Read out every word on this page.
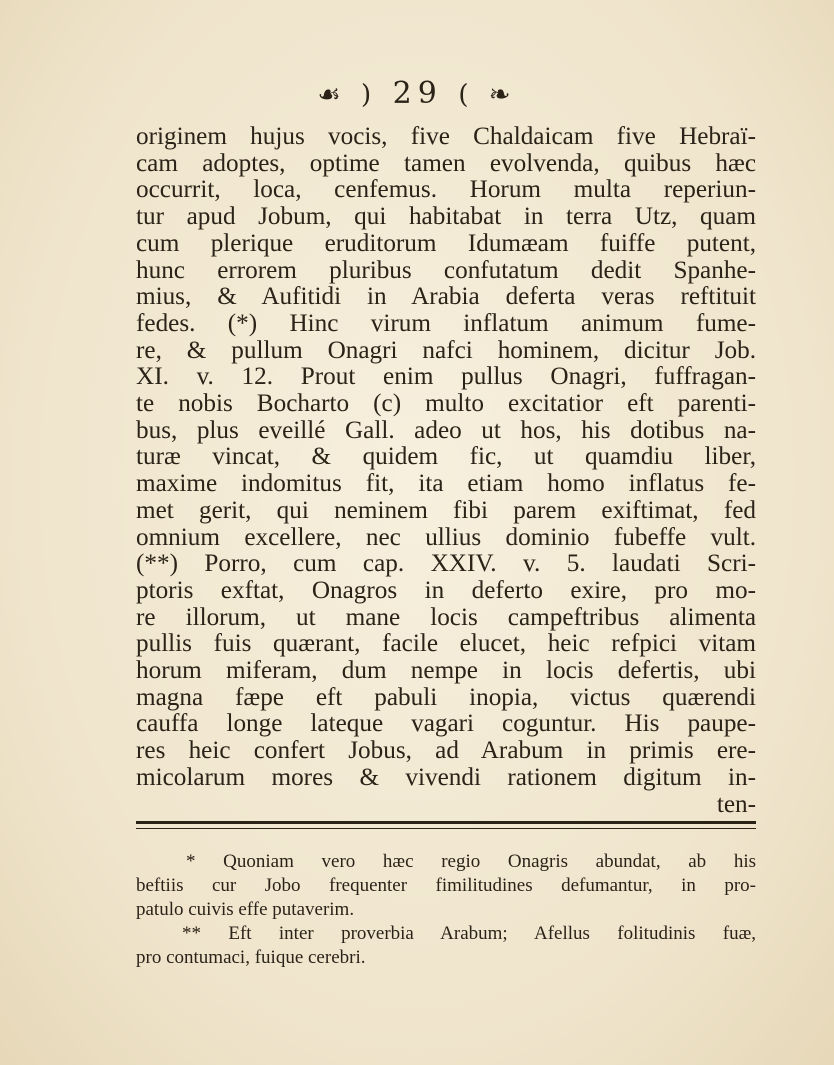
☙ ) 29 ( ❧
originem hujus vocis, five Chaldaicam five Hebraï-
cam adoptes, optime tamen evolvenda, quibus hæc
occurrit, loca, cenfemus. Horum multa reperiun-
tur apud Jobum, qui habitabat in terra Utz, quam
cum plerique eruditorum Idumæam fuiffe putent,
hunc errorem pluribus confutatum dedit Spanhe-
mius, & Aufitidi in Arabia deferta veras reftituit
fedes. (*) Hinc virum inflatum animum fume-
re, & pullum Onagri nafci hominem, dicitur Job.
XI. v. 12. Prout enim pullus Onagri, fuffragan-
te nobis Bocharto (c) multo excitatior eft parenti-
bus, plus eveillé Gall. adeo ut hos, his dotibus na-
turæ vincat, & quidem fic, ut quamdiu liber,
maxime indomitus fit, ita etiam homo inflatus fe-
met gerit, qui neminem fibi parem exiftimat, fed
omnium excellere, nec ullius dominio fubeffe vult.
(**) Porro, cum cap. XXIV. v. 5. laudati Scri-
ptoris exftat, Onagros in deferto exire, pro mo-
re illorum, ut mane locis campeftribus alimenta
pullis fuis quærant, facile elucet, heic refpici vitam
horum miferam, dum nempe in locis defertis, ubi
magna fæpe eft pabuli inopia, victus quærendi
cauffa longe lateque vagari coguntur. His paupe-
res heic confert Jobus, ad Arabum in primis ere-
micolarum mores & vivendi rationem digitum in-
ten-
* Quoniam vero hæc regio Onagris abundat, ab his
beftiis cur Jobo frequenter fimilitudines defumantur, in pro-
patulo cuivis effe putaverim.
** Eft inter proverbia Arabum; Afellus folitudinis fuæ,
pro contumaci, fuique cerebri.
